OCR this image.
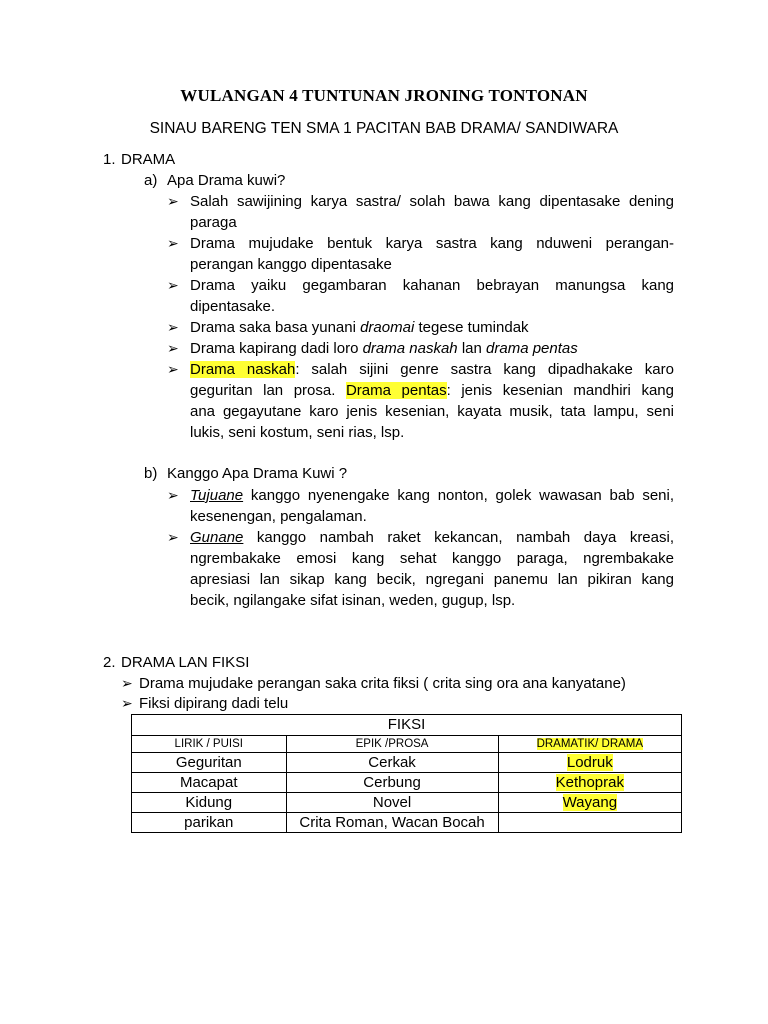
WULANGAN 4 TUNTUNAN JRONING TONTONAN
SINAU BARENG TEN SMA 1 PACITAN BAB DRAMA/ SANDIWARA
1. DRAMA
a) Apa Drama kuwi?
➢ Salah sawijining karya sastra/ solah bawa kang dipentasake dening
paraga
➢ Drama mujudake bentuk karya sastra kang nduweni perangan-
perangan kanggo dipentasake
➢ Drama yaiku gegambaran kahanan bebrayan manungsa kang
dipentasake.
➢ Drama saka basa yunani draomai tegese tumindak
➢ Drama kapirang dadi loro drama naskah lan drama pentas
➢ Drama naskah: salah sijini genre sastra kang dipadhakake karo
geguritan lan prosa. Drama pentas: jenis kesenian mandhiri kang
ana gegayutane karo jenis kesenian, kayata musik, tata lampu, seni
lukis, seni kostum, seni rias, lsp.
b) Kanggo Apa Drama Kuwi ?
➢ Tujuane kanggo nyenengake kang nonton, golek wawasan bab seni,
kesenengan, pengalaman.
➢ Gunane kanggo nambah raket kekancan, nambah daya kreasi,
ngrembakake emosi kang sehat kanggo paraga, ngrembakake
apresiasi lan sikap kang becik, ngregani panemu lan pikiran kang
becik, ngilangake sifat isinan, weden, gugup, lsp.
2. DRAMA LAN FIKSI
➢ Drama mujudake perangan saka crita fiksi ( crita sing ora ana kanyatane)
➢ Fiksi dipirang dadi telu
FIKSI		
LIRIK / PUISI	EPIK /PROSA	DRAMATIK/ DRAMA
Geguritan	Cerkak	Lodruk
Macapat	Cerbung	Kethoprak
Kidung	Novel	Wayang
parikan	Crita Roman, Wacan Bocah	
